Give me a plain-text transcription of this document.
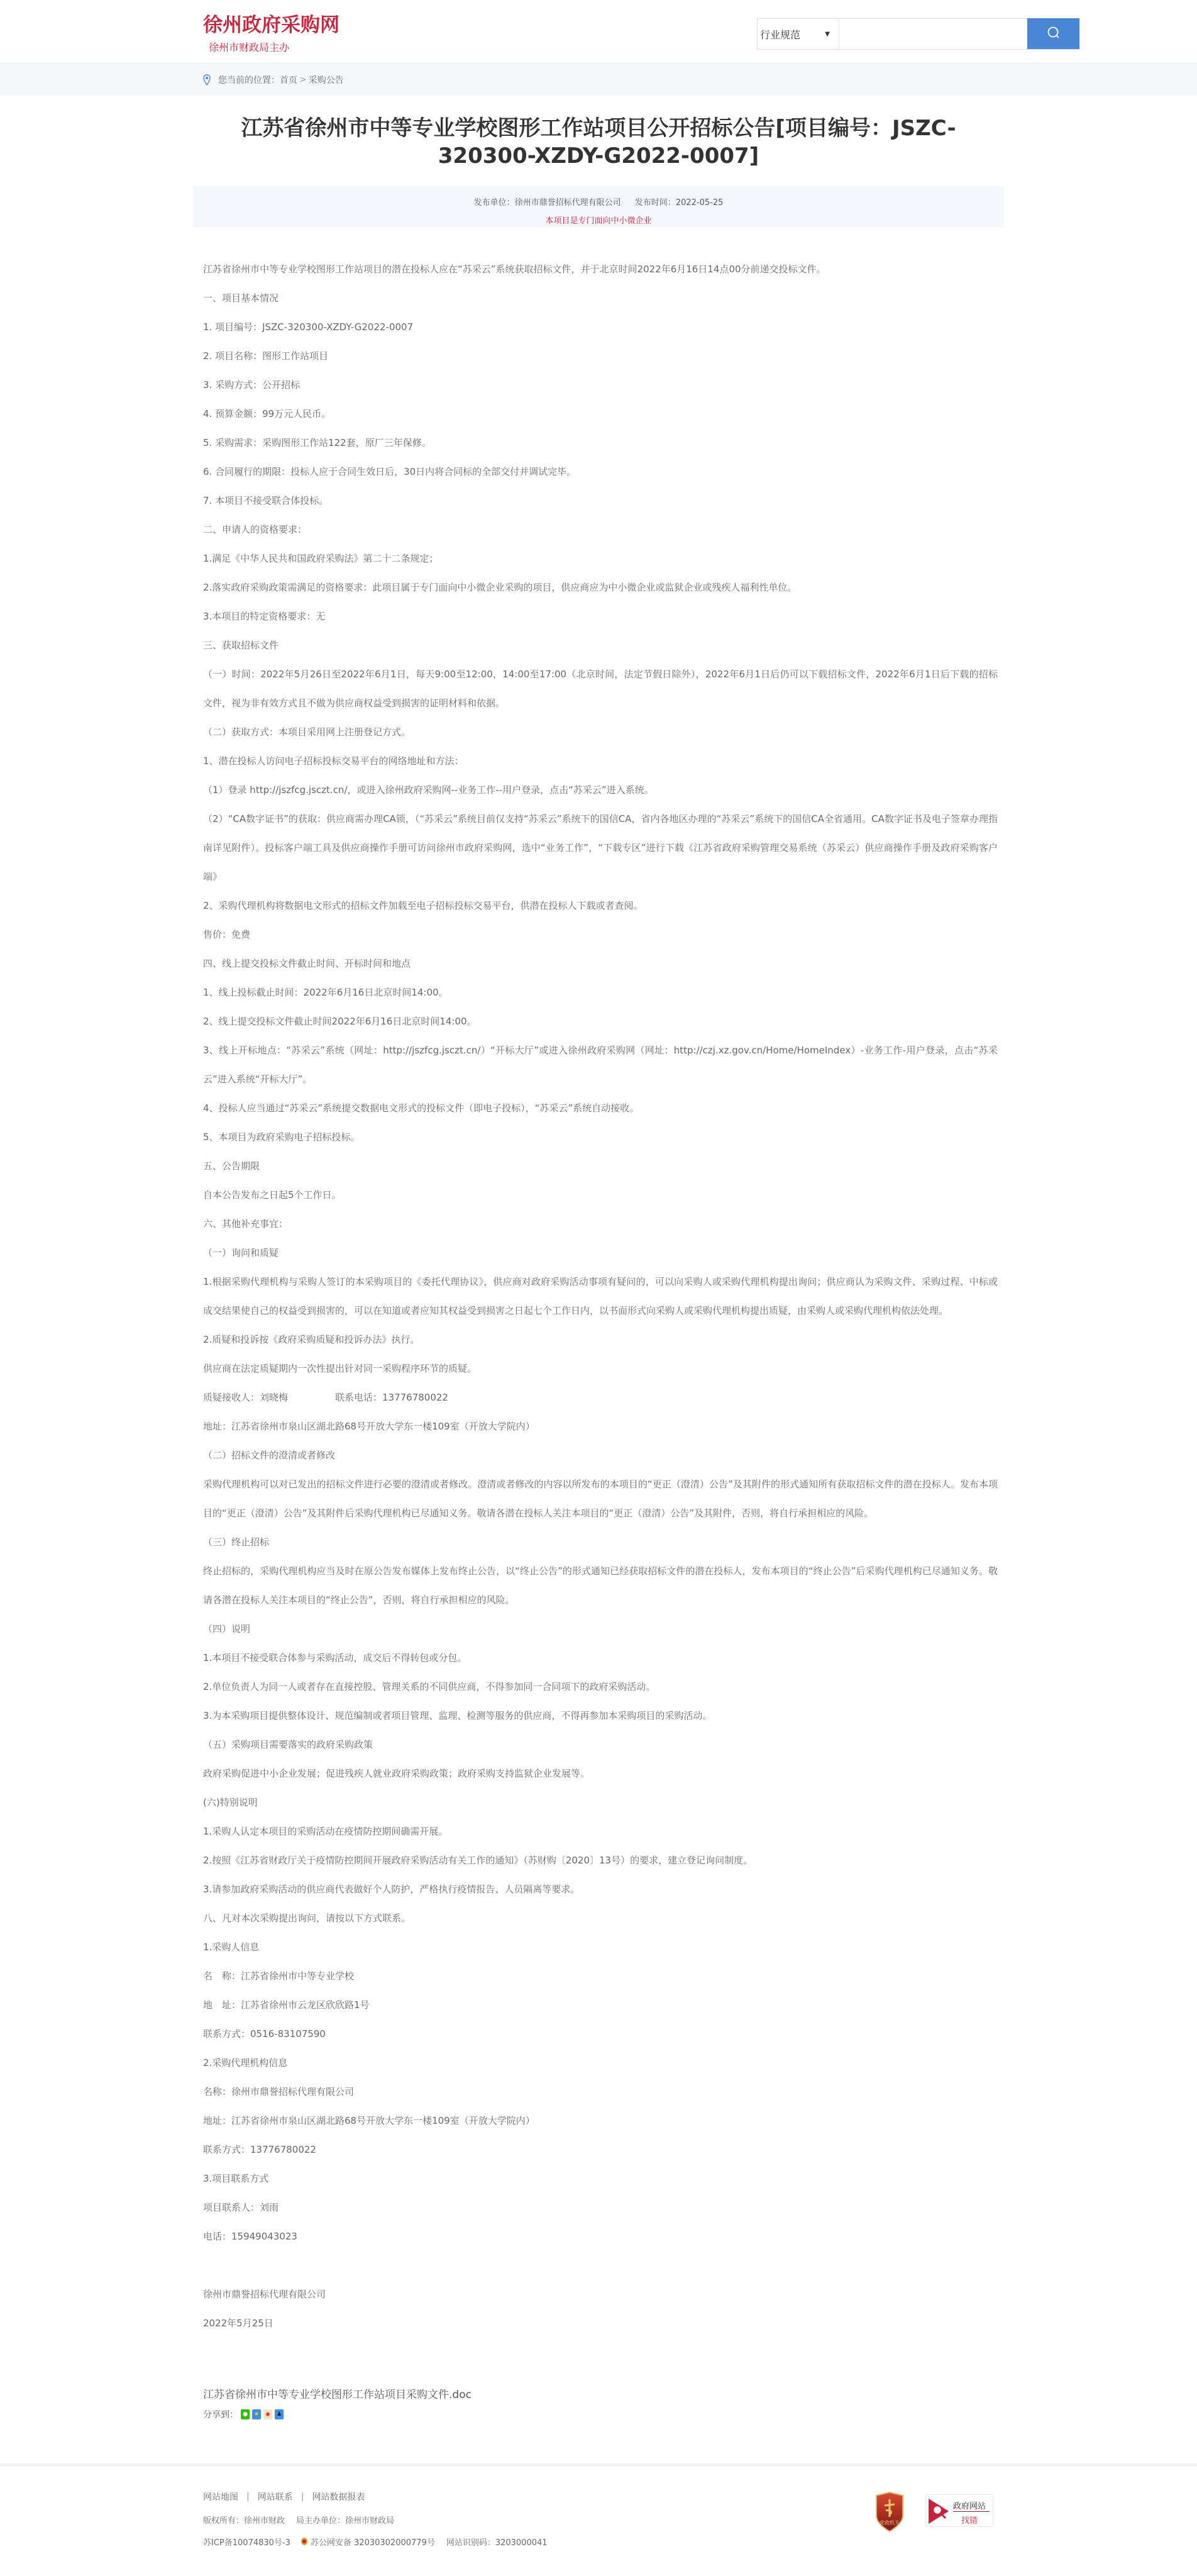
徐州政府采购网
徐州市财政局主办
行业规范	▼
您当前的位置： 首页 > 采购公告
江苏省徐州市中等专业学校图形工作站项目公开招标公告[项目编号：JSZC-320300-XZDY-G2022-0007]
发布单位：徐州市鼎誉招标代理有限公司 发布时间：2022-05-25
本项目是专门面向中小微企业

江苏省徐州市中等专业学校图形工作站项目的潜在投标人应在“苏采云”系统获取招标文件，并于北京时间2022年6月16日14点00分前递交投标文件。

一、项目基本情况

1. 项目编号：JSZC-320300-XZDY-G2022-0007

2. 项目名称：图形工作站项目

3. 采购方式：公开招标

4. 预算金额：99万元人民币。

5. 采购需求：采购图形工作站122套，原厂三年保修。

6. 合同履行的期限：投标人应于合同生效日后，30日内将合同标的全部交付并调试完毕。

7. 本项目不接受联合体投标。

二、申请人的资格要求：

1.满足《中华人民共和国政府采购法》第二十二条规定；

2.落实政府采购政策需满足的资格要求：此项目属于专门面向中小微企业采购的项目，供应商应为中小微企业或监狱企业或残疾人福利性单位。

3.本项目的特定资格要求：无

三、获取招标文件

（一）时间：2022年5月26日至2022年6月1日，每天9:00至12:00，14:00至17:00（北京时间，法定节假日除外），2022年6月1日后仍可以下载招标文件，2022年6月1日后下载的招标文件，视为非有效方式且不做为供应商权益受到损害的证明材料和依据。

（二）获取方式：本项目采用网上注册登记方式。

1、潜在投标人访问电子招标投标交易平台的网络地址和方法：

（1）登录 http://jszfcg.jsczt.cn/，或进入徐州政府采购网--业务工作--用户登录，点击“苏采云”进入系统。

（2）“CA数字证书”的获取：供应商需办理CA锁，（“苏采云”系统目前仅支持“苏采云”系统下的国信CA，省内各地区办理的“苏采云”系统下的国信CA全省通用。CA数字证书及电子签章办理指南详见附件）。投标客户端工具及供应商操作手册可访问徐州市政府采购网，选中“业务工作”，“下载专区”进行下载《江苏省政府采购管理交易系统（苏采云）供应商操作手册及政府采购客户端》

2、采购代理机构将数据电文形式的招标文件加载至电子招标投标交易平台，供潜在投标人下载或者查阅。

售价：免费

四、线上提交投标文件截止时间、开标时间和地点

1、线上投标截止时间：2022年6月16日北京时间14:00。

2、线上提交投标文件截止时间2022年6月16日北京时间14:00。

3、线上开标地点：“苏采云”系统（网址：http://jszfcg.jsczt.cn/）“开标大厅”或进入徐州政府采购网（网址：http://czj.xz.gov.cn/Home/HomeIndex）-业务工作-用户登录，点击“苏采云”进入系统“开标大厅”。

4、投标人应当通过“苏采云”系统提交数据电文形式的投标文件（即电子投标），“苏采云”系统自动接收。

5、本项目为政府采购电子招标投标。

五、公告期限

自本公告发布之日起5个工作日。

六、其他补充事宜：

（一）询问和质疑

1.根据采购代理机构与采购人签订的本采购项目的《委托代理协议》，供应商对政府采购活动事项有疑问的，可以向采购人或采购代理机构提出询问；供应商认为采购文件、采购过程、中标或成交结果使自己的权益受到损害的，可以在知道或者应知其权益受到损害之日起七个工作日内，以书面形式向采购人或采购代理机构提出质疑，由采购人或采购代理机构依法处理。

2.质疑和投诉按《政府采购质疑和投诉办法》执行。

供应商在法定质疑期内一次性提出针对同一采购程序环节的质疑。

质疑接收人：刘晓梅　　　　　联系电话：13776780022

地址：江苏省徐州市泉山区湖北路68号开放大学东一楼109室（开放大学院内）

（二）招标文件的澄清或者修改

采购代理机构可以对已发出的招标文件进行必要的澄清或者修改。澄清或者修改的内容以所发布的本项目的“更正（澄清）公告”及其附件的形式通知所有获取招标文件的潜在投标人。发布本项目的“更正（澄清）公告”及其附件后采购代理机构已尽通知义务。敬请各潜在投标人关注本项目的“更正（澄清）公告”及其附件，否则，将自行承担相应的风险。

（三）终止招标

终止招标的，采购代理机构应当及时在原公告发布媒体上发布终止公告，以“终止公告”的形式通知已经获取招标文件的潜在投标人，发布本项目的“终止公告”后采购代理机构已尽通知义务。敬请各潜在投标人关注本项目的“终止公告”，否则，将自行承担相应的风险。

（四）说明

1.本项目不接受联合体参与采购活动，成交后不得转包或分包。

2.单位负责人为同一人或者存在直接控股、管理关系的不同供应商，不得参加同一合同项下的政府采购活动。

3.为本采购项目提供整体设计、规范编制或者项目管理、监理、检测等服务的供应商，不得再参加本采购项目的采购活动。

（五）采购项目需要落实的政府采购政策

政府采购促进中小企业发展；促进残疾人就业政府采购政策；政府采购支持监狱企业发展等。

(六)特别说明

1.采购人认定本项目的采购活动在疫情防控期间确需开展。

2.按照《江苏省财政厅关于疫情防控期间开展政府采购活动有关工作的通知》（苏财购〔2020〕13号）的要求，建立登记询问制度。

3.请参加政府采购活动的供应商代表做好个人防护，严格执行疫情报告、人员隔离等要求。

八、凡对本次采购提出询问，请按以下方式联系。

1.采购人信息

名　称：江苏省徐州市中等专业学校

地　址：江苏省徐州市云龙区欣欣路1号

联系方式：0516-83107590

2.采购代理机构信息

名称：徐州市鼎誉招标代理有限公司

地址：江苏省徐州市泉山区湖北路68号开放大学东一楼109室（开放大学院内）

联系方式：13776780022

3.项目联系方式

项目联系人：刘雨

电话：15949043023

徐州市鼎誉招标代理有限公司

2022年5月25日

江苏省徐州市中等专业学校图形工作站项目采购文件.doc
分享到： ●	★	◉	♟
网站地图 | 网站联系 | 网站数据报表
版权所有：徐州市财政 局主办单位：徐州市财政局
苏ICP备10074830号-3 苏公网安备 32030302000779号 网站识别码：3203000041
党政机关
政府网站
找错
